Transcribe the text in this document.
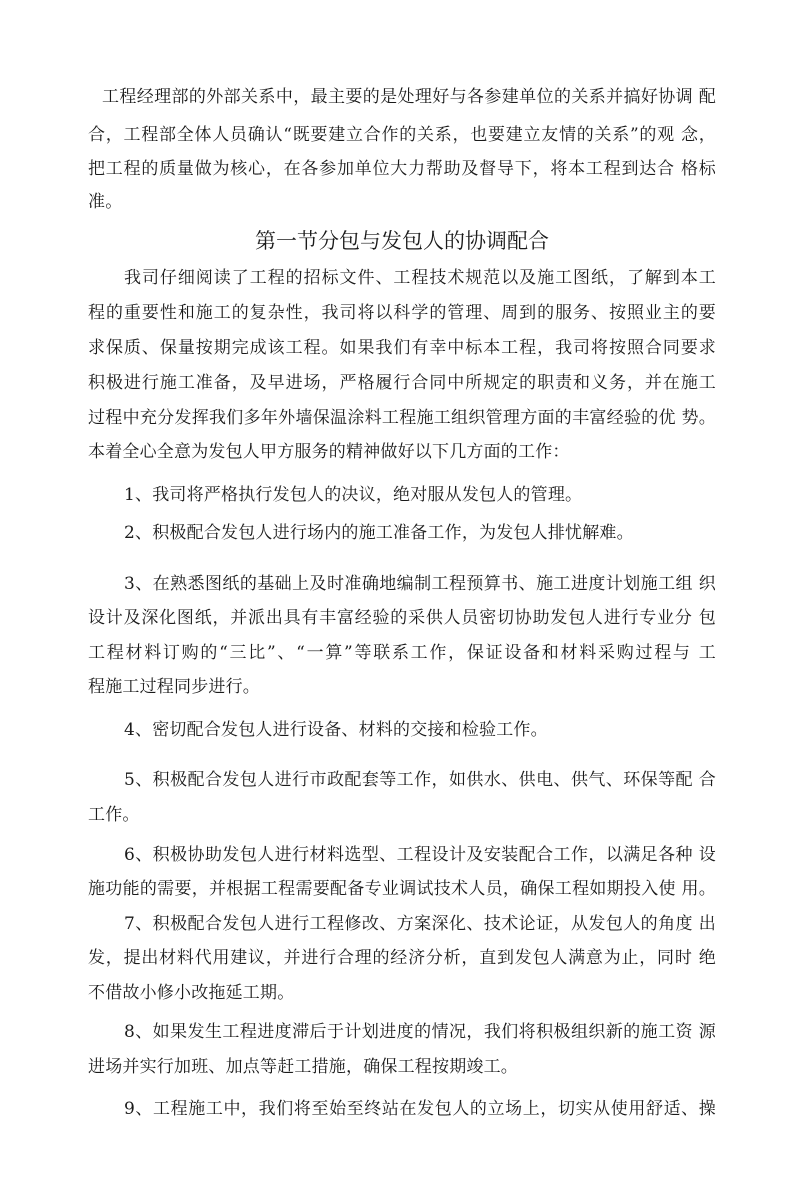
工程经理部的外部关系中，最主要的是处理好与各参建单位的关系并搞好协调 配
合，工程部全体人员确认“既要建立合作的关系，也要建立友情的关系”的观 念，
把工程的质量做为核心，在各参加单位大力帮助及督导下，将本工程到达合 格标
准。
第一节分包与发包人的协调配合
我司仔细阅读了工程的招标文件、工程技术规范以及施工图纸，了解到本工
程的重要性和施工的复杂性，我司将以科学的管理、周到的服务、按照业主的要
求保质、保量按期完成该工程。如果我们有幸中标本工程，我司将按照合同要求
积极进行施工准备，及早进场，严格履行合同中所规定的职责和义务，并在施工
过程中充分发挥我们多年外墙保温涂料工程施工组织管理方面的丰富经验的优 势。
本着全心全意为发包人甲方服务的精神做好以下几方面的工作：
1、我司将严格执行发包人的决议，绝对服从发包人的管理。
2、积极配合发包人进行场内的施工准备工作，为发包人排忧解难。
3、在熟悉图纸的基础上及时准确地编制工程预算书、施工进度计划施工组 织
设计及深化图纸，并派出具有丰富经验的采供人员密切协助发包人进行专业分 包
工程材料订购的“三比”、“一算”等联系工作，保证设备和材料采购过程与 工
程施工过程同步进行。
4、密切配合发包人进行设备、材料的交接和检验工作。
5、积极配合发包人进行市政配套等工作，如供水、供电、供气、环保等配 合
工作。
6、积极协助发包人进行材料选型、工程设计及安装配合工作，以满足各种 设
施功能的需要，并根据工程需要配备专业调试技术人员，确保工程如期投入使 用。
7、积极配合发包人进行工程修改、方案深化、技术论证，从发包人的角度 出
发，提出材料代用建议，并进行合理的经济分析，直到发包人满意为止，同时 绝
不借故小修小改拖延工期。
8、如果发生工程进度滞后于计划进度的情况，我们将积极组织新的施工资 源
进场并实行加班、加点等赶工措施，确保工程按期竣工。
9、工程施工中，我们将至始至终站在发包人的立场上，切实从使用舒适、操
